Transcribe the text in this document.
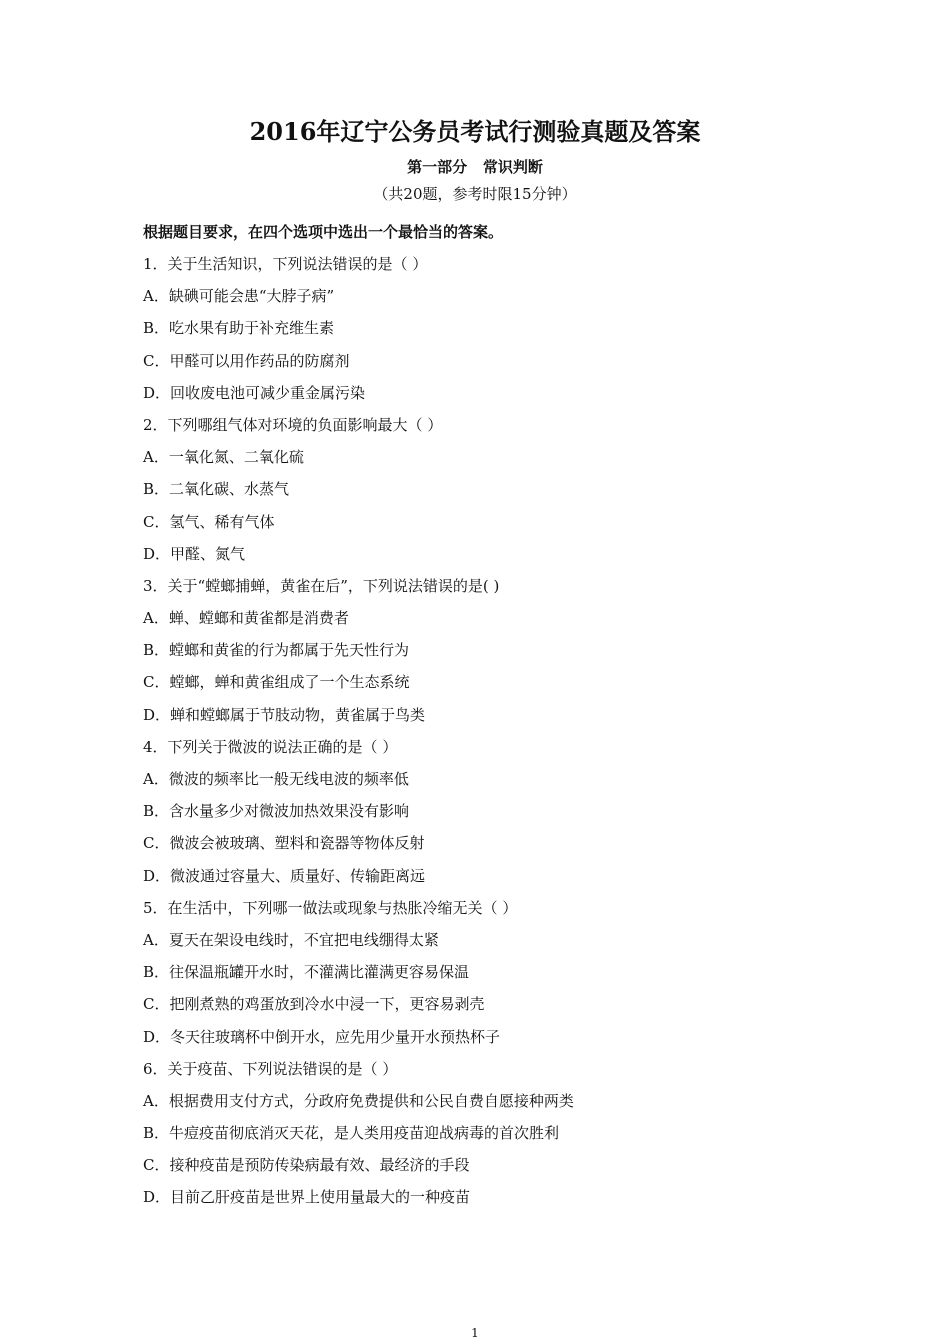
2016年辽宁公务员考试行测验真题及答案
第一部分   常识判断
（共20题，参考时限15分钟）
根据题目要求，在四个选项中选出一个最恰当的答案。
1．关于生活知识，下列说法错误的是（ ）
A．缺碘可能会患“大脖子病”
B．吃水果有助于补充维生素
C．甲醛可以用作药品的防腐剂
D．回收废电池可减少重金属污染
2．下列哪组气体对环境的负面影响最大（ ）
A．一氧化氮、二氧化硫
B．二氧化碳、水蒸气
C．氢气、稀有气体
D．甲醛、氮气
3．关于“螳螂捕蝉，黄雀在后”，下列说法错误的是( )
A．蝉、螳螂和黄雀都是消费者
B．螳螂和黄雀的行为都属于先天性行为
C．螳螂，蝉和黄雀组成了一个生态系统
D．蝉和螳螂属于节肢动物，黄雀属于鸟类
4．下列关于微波的说法正确的是（ ）
A．微波的频率比一般无线电波的频率低
B．含水量多少对微波加热效果没有影响
C．微波会被玻璃、塑料和瓷器等物体反射
D．微波通过容量大、质量好、传输距离远
5．在生活中，下列哪一做法或现象与热胀冷缩无关（ ）
A．夏天在架设电线时，不宜把电线绷得太紧
B．往保温瓶罐开水时，不灌满比灌满更容易保温
C．把刚煮熟的鸡蛋放到冷水中浸一下，更容易剥壳
D．冬天往玻璃杯中倒开水，应先用少量开水预热杯子
6．关于疫苗、下列说法错误的是（ ）
A．根据费用支付方式，分政府免费提供和公民自费自愿接种两类
B．牛痘疫苗彻底消灭天花，是人类用疫苗迎战病毒的首次胜利
C．接种疫苗是预防传染病最有效、最经济的手段
D．目前乙肝疫苗是世界上使用量最大的一种疫苗
1
